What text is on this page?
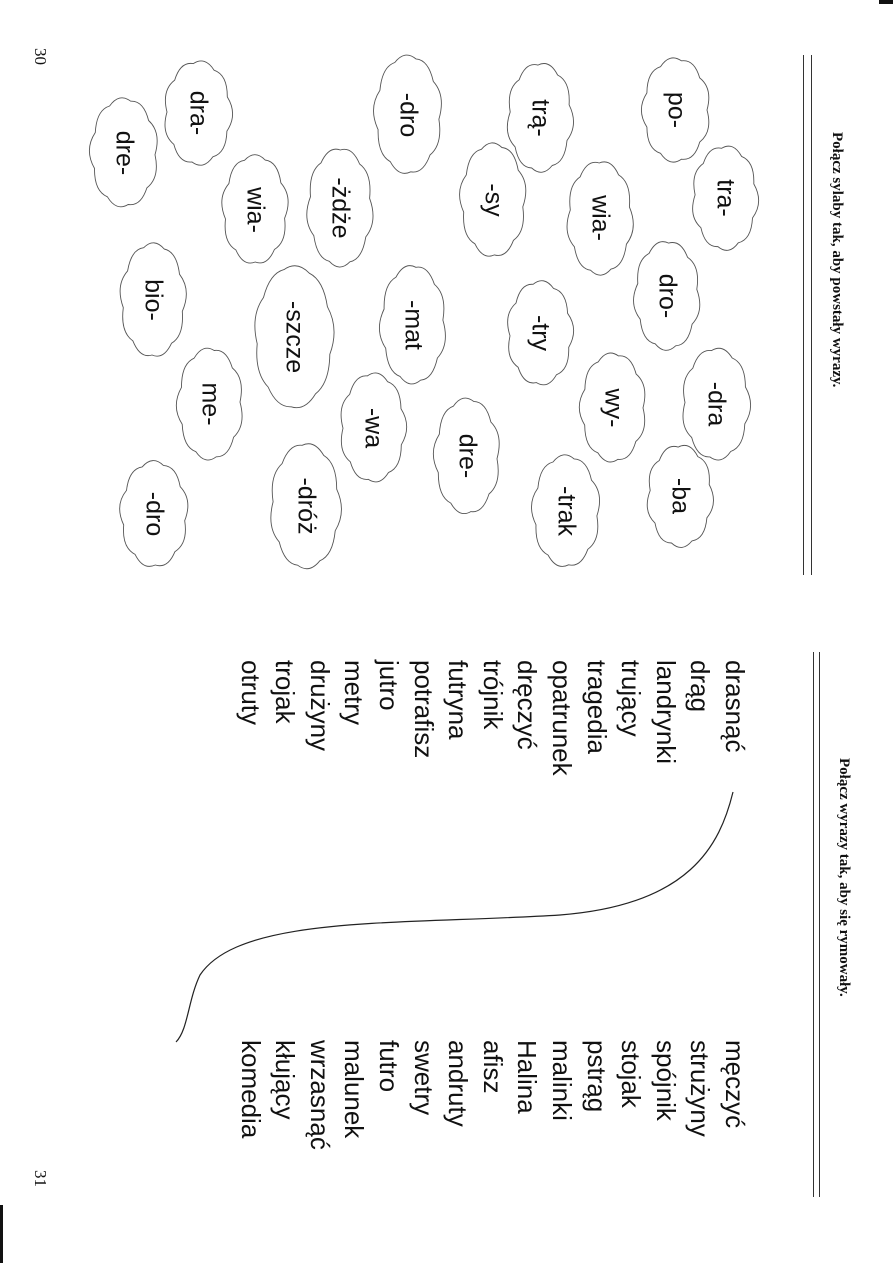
30
31
Połącz sylaby tak, aby powstały wyrazy.
Połącz wyrazy tak, aby się rymowały.
po-
dra-
dre-
tra-
-dro	trą-
-sy	wia-
wia- -żdże
bio-	dro-
-szcze	-mat	-try
me-
-wa	wy-	-dra
dre-
-dróż	-trak	-ba
-dro
drasnąć
drąg
landrynki
trujący
tragedia
opatrunek
dręczyć
trójnik
futryna
potrafisz
jutro
metry
drużyny
trojak
otruty
męczyć
strużyny
spójnik
stojak
pstrąg
malinki
Halina
afisz
andruty
swetry
futro
malunek
wrzasnąć
kłujący
komedia
